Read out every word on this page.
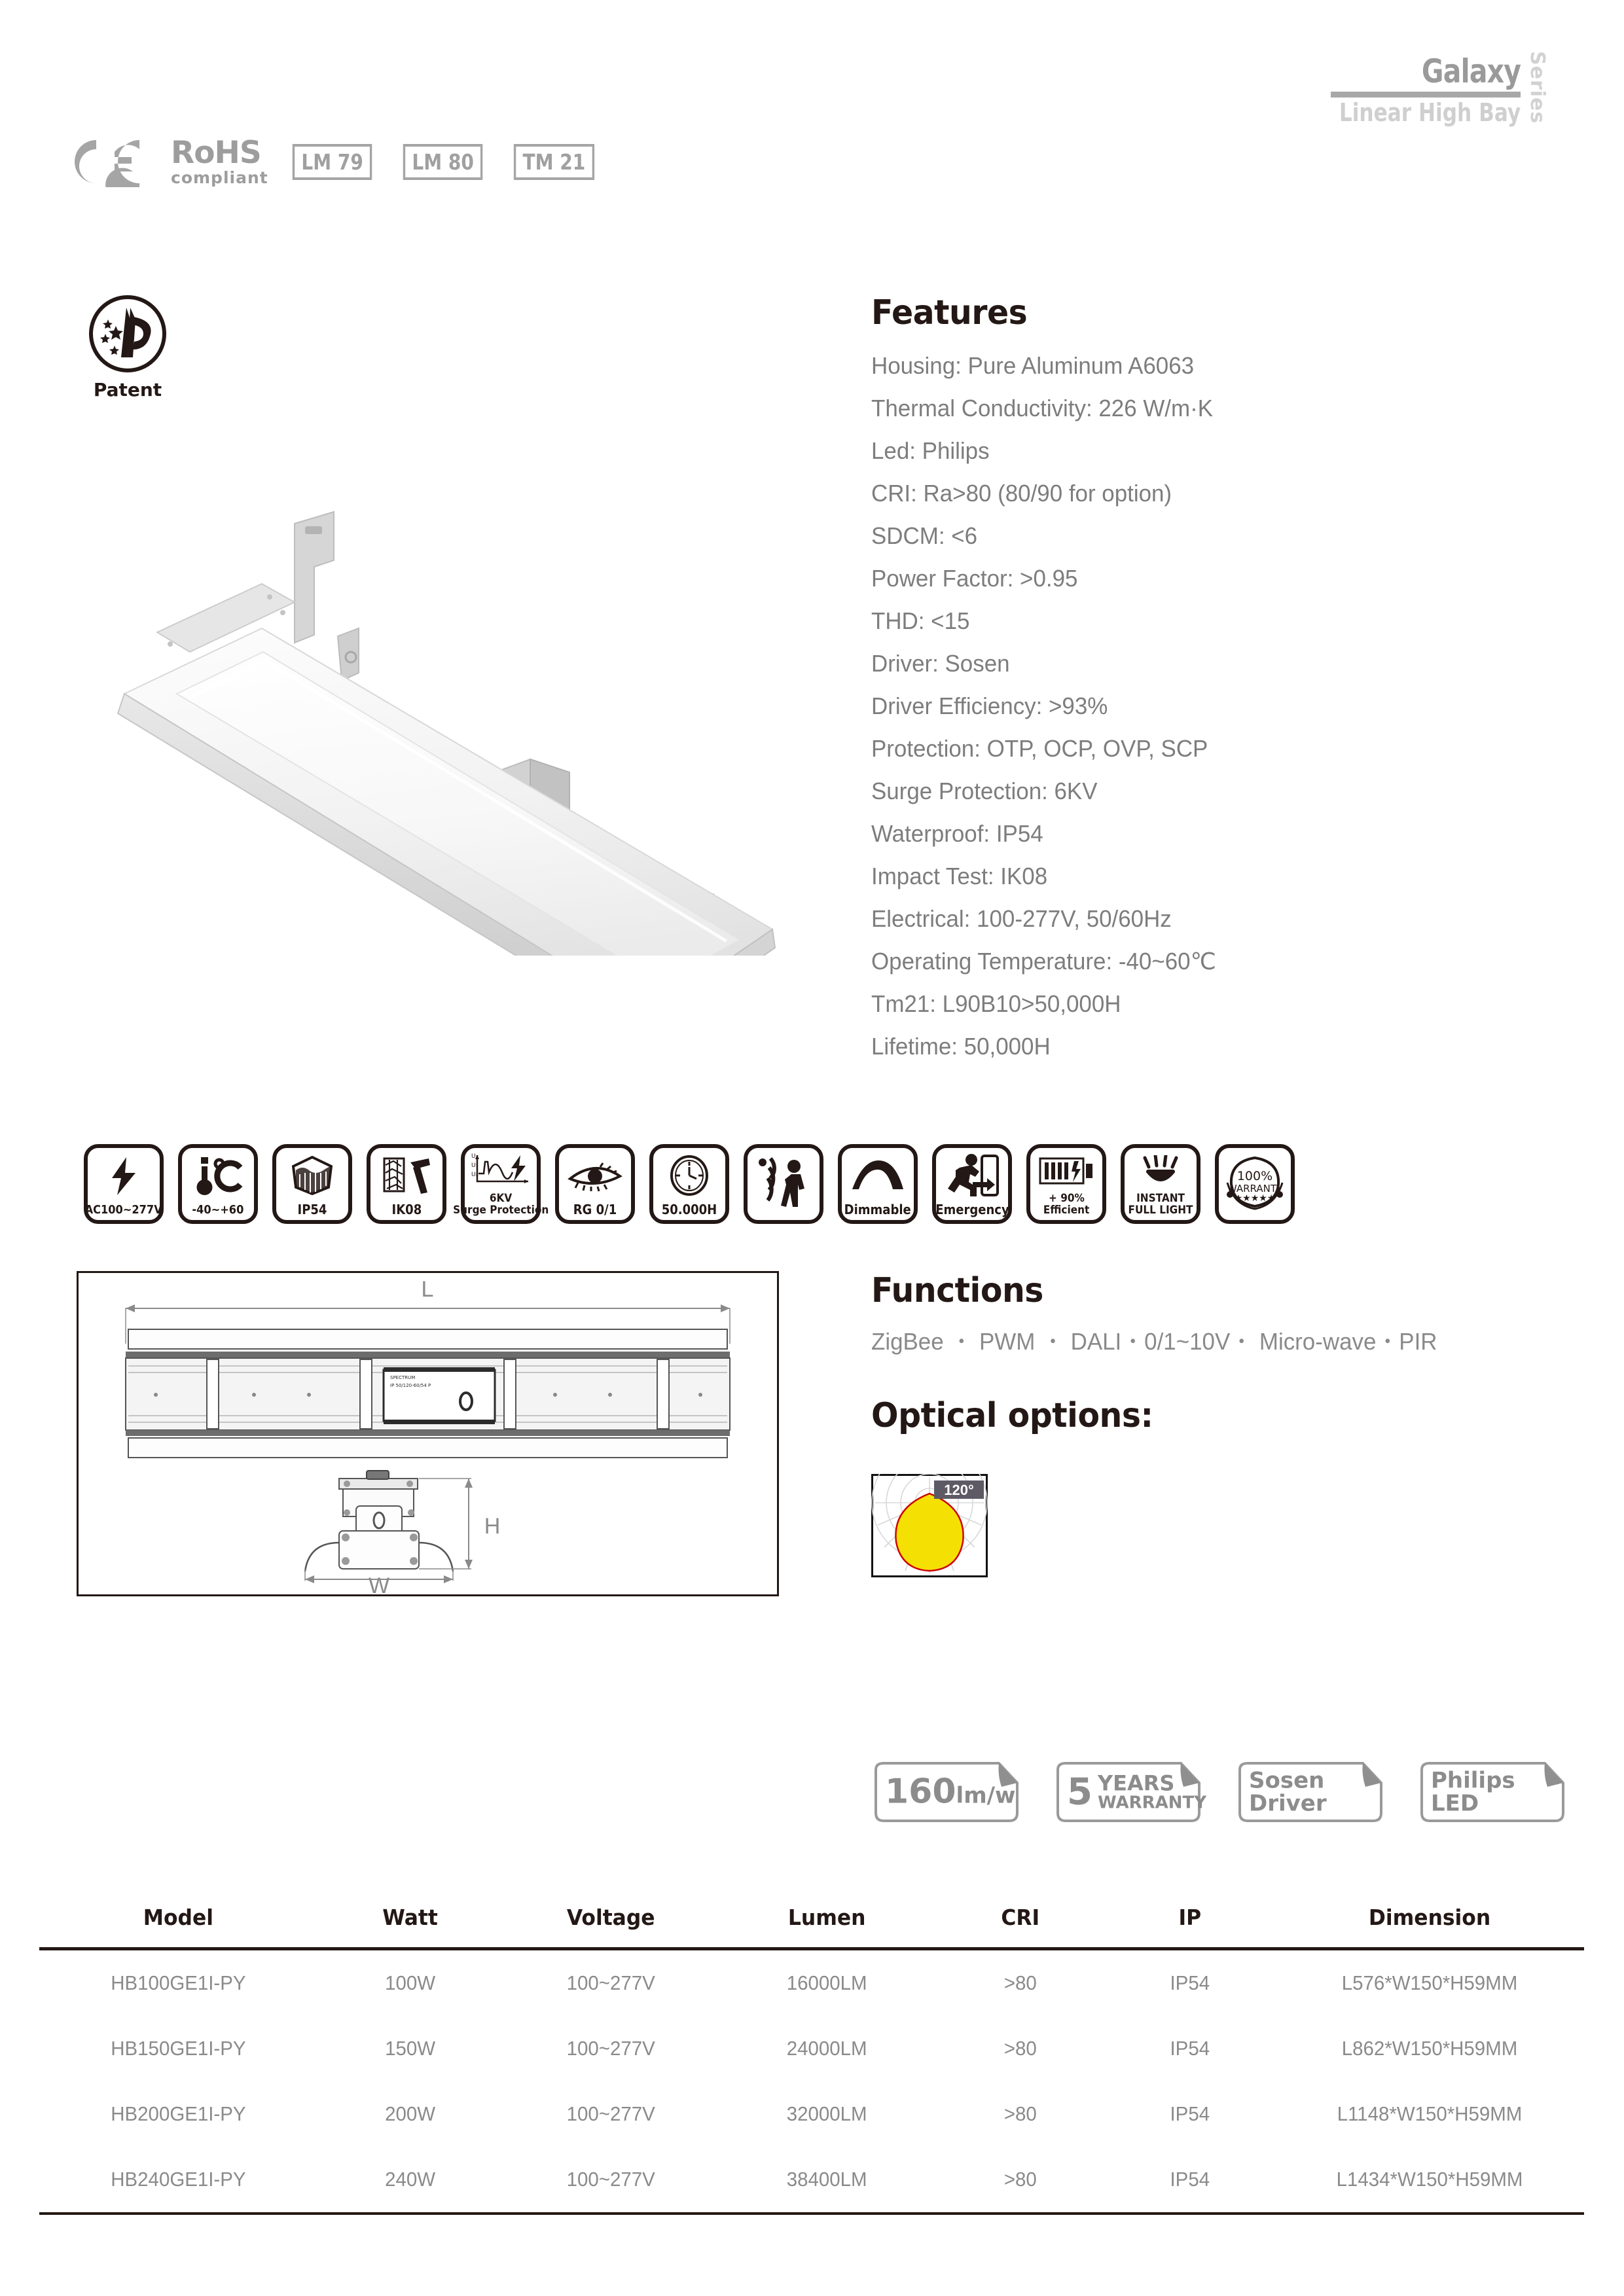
Galaxy
Linear High Bay Series
RoHS
compliant
LM 79	LM 80	TM 21
Patent
Features
Housing: Pure Aluminum A6063
Thermal Conductivity: 226 W/m·K
Led: Philips
CRI: Ra>80 (80/90 for option)
SDCM: <6
Power Factor: >0.95
THD: <15
Driver: Sosen
Driver Efficiency: >93%
Protection: OTP, OCP, OVP, SCP
Surge Protection: 6KV
Waterproof: IP54
Impact Test: IK08
Electrical: 100-277V, 50/60Hz
Operating Temperature: -40~60℃
Tm21: L90B10>50,000H
Lifetime: 50,000H
AC100~277V	-40~+60	IP54	IK08
U
U₁
U₂
6KV
Surge Protection RG 0/1	50.000H	Dimmable Emergency
+ 90%
Efficient
INSTANT
FULL LIGHT
100%
WARRANTY
★★★★★
L
SPECTRUM
IP 50/120-60/54 P
H
W
Functions
ZigBee ・ PWM ・ DALI・0/1~10V・ Micro-wave・PIR
Optical options:
120°
160lm/w 5 YEARS
WARRANTY
Sosen
Driver
Philips
LED
Model	Watt	Voltage	Lumen	CRI	IP	Dimension
HB100GE1I-PY	100W	100~277V	16000LM	>80	IP54	L576*W150*H59MM
HB150GE1I-PY	150W	100~277V	24000LM	>80	IP54	L862*W150*H59MM
HB200GE1I-PY	200W	100~277V	32000LM	>80	IP54	L1148*W150*H59MM
HB240GE1I-PY	240W	100~277V	38400LM	>80	IP54	L1434*W150*H59MM
